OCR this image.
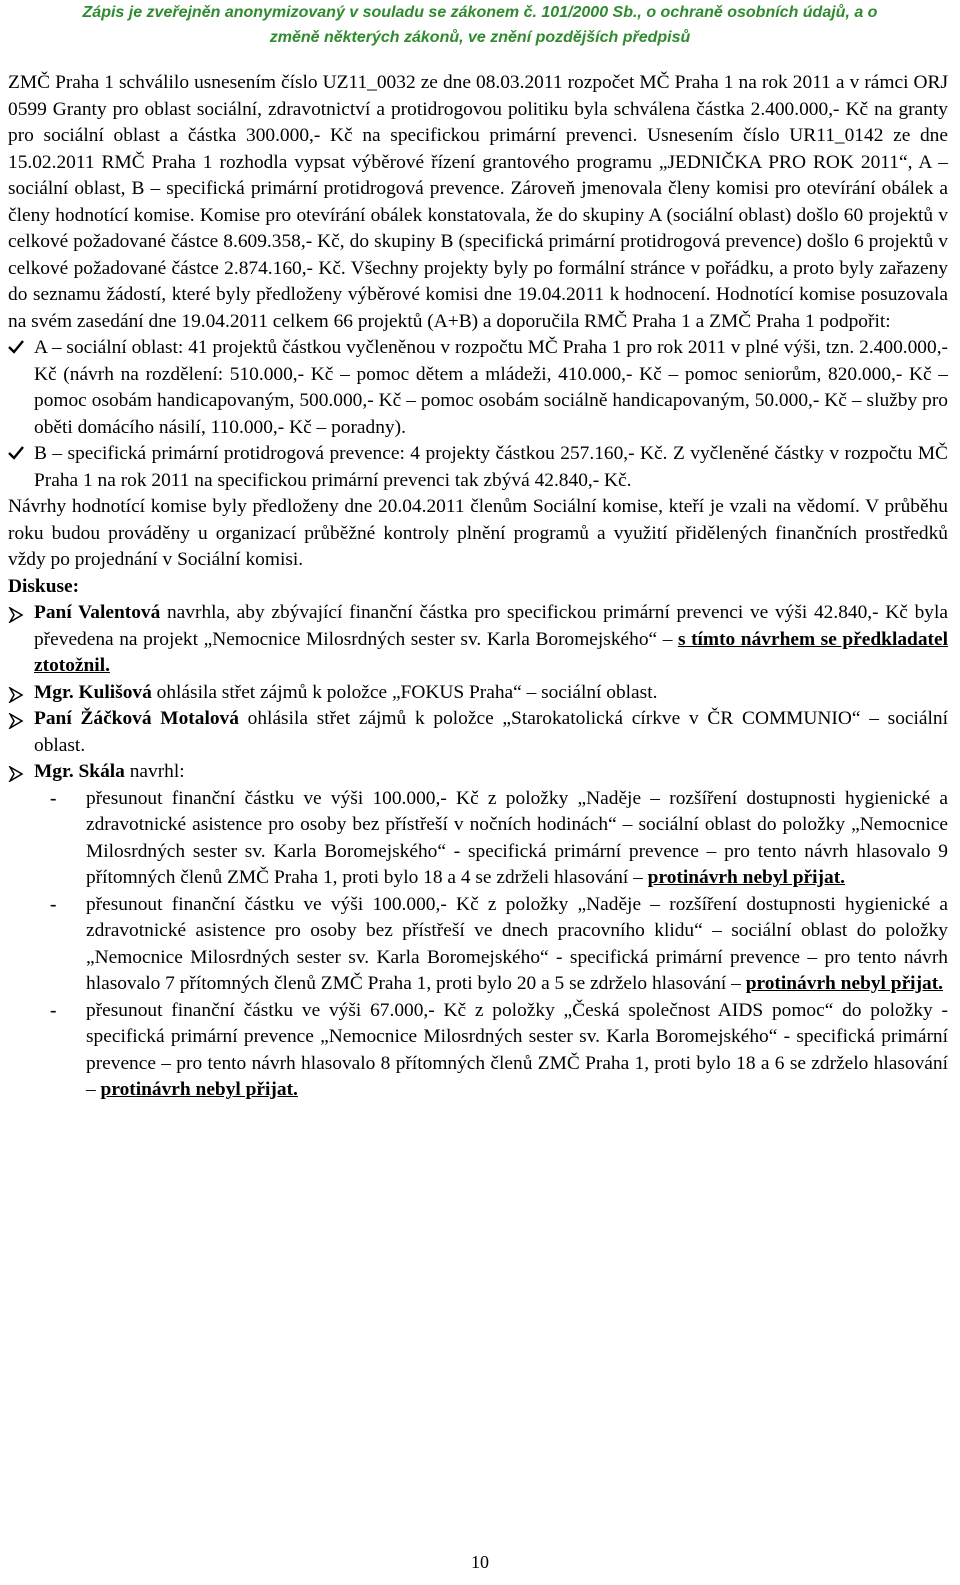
Zápis je zveřejněn anonymizovaný v souladu se zákonem č. 101/2000 Sb., o ochraně osobních údajů, a o
změně některých zákonů, ve znění pozdějších předpisů

ZMČ Praha 1 schválilo usnesením číslo UZ11_0032 ze dne 08.03.2011 rozpočet MČ Praha 1 na rok 2011 a v rámci ORJ 0599 Granty pro oblast sociální, zdravotnictví a protidrogovou politiku byla schválena částka 2.400.000,- Kč na granty pro sociální oblast a částka 300.000,- Kč na specifickou primární prevenci. Usnesením číslo UR11_0142 ze dne 15.02.2011 RMČ Praha 1 rozhodla vypsat výběrové řízení grantového programu „JEDNIČKA PRO ROK 2011“, A – sociální oblast, B – specifická primární protidrogová prevence. Zároveň jmenovala členy komisi pro otevírání obálek a členy hodnotící komise. Komise pro otevírání obálek konstatovala, že do skupiny A (sociální oblast) došlo 60 projektů v celkové požadované částce 8.609.358,- Kč, do skupiny B (specifická primární protidrogová prevence) došlo 6 projektů v celkové požadované částce 2.874.160,- Kč. Všechny projekty byly po formální stránce v pořádku, a proto byly zařazeny do seznamu žádostí, které byly předloženy výběrové komisi dne 19.04.2011 k hodnocení. Hodnotící komise posuzovala na svém zasedání dne 19.04.2011 celkem 66 projektů (A+B) a doporučila RMČ Praha 1 a ZMČ Praha 1 podpořit:

A – sociální oblast: 41 projektů částkou vyčleněnou v rozpočtu MČ Praha 1 pro rok 2011 v plné výši, tzn. 2.400.000,- Kč (návrh na rozdělení: 510.000,- Kč – pomoc dětem a mládeži, 410.000,- Kč – pomoc seniorům, 820.000,- Kč – pomoc osobám handicapovaným, 500.000,- Kč – pomoc osobám sociálně handicapovaným, 50.000,- Kč – služby pro oběti domácího násilí, 110.000,- Kč – poradny).
B – specifická primární protidrogová prevence: 4 projekty částkou 257.160,- Kč. Z vyčleněné částky v rozpočtu MČ Praha 1 na rok 2011 na specifickou primární prevenci tak zbývá 42.840,- Kč.

Návrhy hodnotící komise byly předloženy dne 20.04.2011 členům Sociální komise, kteří je vzali na vědomí. V průběhu roku budou prováděny u organizací průběžné kontroly plnění programů a využití přidělených finančních prostředků vždy po projednání v Sociální komisi.

Diskuse:

Paní Valentová navrhla, aby zbývající finanční částka pro specifickou primární prevenci ve výši 42.840,- Kč byla převedena na projekt „Nemocnice Milosrdných sester sv. Karla Boromejského“ – s tímto návrhem se předkladatel ztotožnil.
Mgr. Kulišová ohlásila střet zájmů k položce „FOKUS Praha“ – sociální oblast.
Paní Žáčková Motalová ohlásila střet zájmů k položce „Starokatolická církve v ČR COMMUNIO“ – sociální oblast.
Mgr. Skála navrhl:
- přesunout finanční částku ve výši 100.000,- Kč z položky „Naděje – rozšíření dostupnosti hygienické a zdravotnické asistence pro osoby bez přístřeší v nočních hodinách“ – sociální oblast do položky „Nemocnice Milosrdných sester sv. Karla Boromejského“ - specifická primární prevence – pro tento návrh hlasovalo 9 přítomných členů ZMČ Praha 1, proti bylo 18 a 4 se zdrželi hlasování – protinávrh nebyl přijat.
- přesunout finanční částku ve výši 100.000,- Kč z položky „Naděje – rozšíření dostupnosti hygienické a zdravotnické asistence pro osoby bez přístřeší ve dnech pracovního klidu“ – sociální oblast do položky „Nemocnice Milosrdných sester sv. Karla Boromejského“ - specifická primární prevence – pro tento návrh hlasovalo 7 přítomných členů ZMČ Praha 1, proti bylo 20 a 5 se zdrželo hlasování – protinávrh nebyl přijat.
- přesunout finanční částku ve výši 67.000,- Kč z položky „Česká společnost AIDS pomoc“ do položky - specifická primární prevence „Nemocnice Milosrdných sester sv. Karla Boromejského“ - specifická primární prevence – pro tento návrh hlasovalo 8 přítomných členů ZMČ Praha 1, proti bylo 18 a 6 se zdrželo hlasování – protinávrh nebyl přijat.
10
